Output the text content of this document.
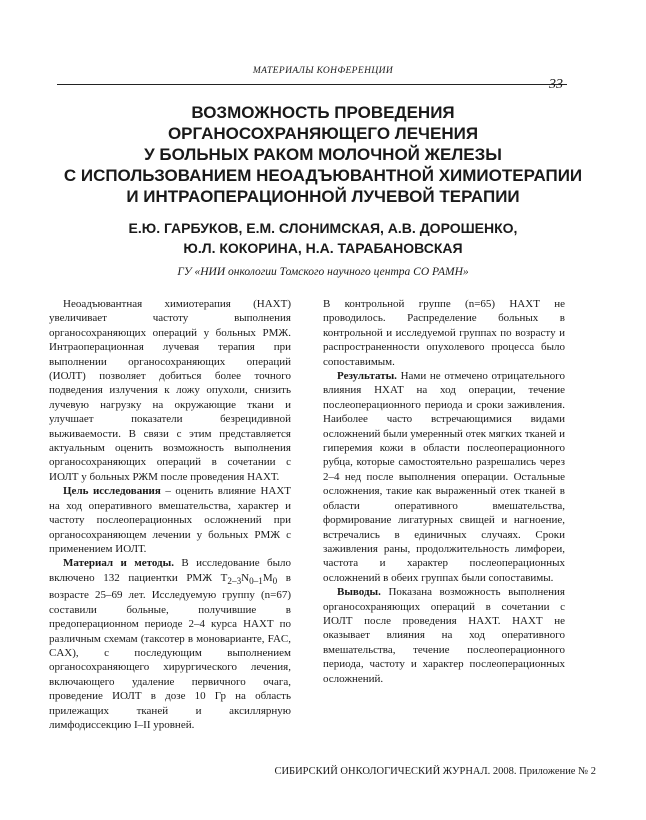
МАТЕРИАЛЫ КОНФЕРЕНЦИИ
33
ВОЗМОЖНОСТЬ ПРОВЕДЕНИЯ
ОРГАНОСОХРАНЯЮЩЕГО ЛЕЧЕНИЯ
У БОЛЬНЫХ РАКОМ МОЛОЧНОЙ ЖЕЛЕЗЫ
С ИСПОЛЬЗОВАНИЕМ НЕОАДЪЮВАНТНОЙ ХИМИОТЕРАПИИ
И ИНТРАОПЕРАЦИОННОЙ ЛУЧЕВОЙ ТЕРАПИИ
Е.Ю. ГАРБУКОВ, Е.М. СЛОНИМСКАЯ, А.В. ДОРОШЕНКО,
Ю.Л. КОКОРИНА, Н.А. ТАРАБАНОВСКАЯ
ГУ «НИИ онкологии Томского научного центра СО РАМН»

Неоадъювантная химиотерапия (НАХТ) увеличивает частоту выполнения органосохраняющих операций у больных РМЖ. Интраоперационная лучевая терапия при выполнении органосохраняющих операций (ИОЛТ) позволяет добиться более точного подведения излучения к ложу опухоли, снизить лучевую нагрузку на окружающие ткани и улучшает показатели безрецидивной выживаемости. В связи с этим представляется актуальным оценить возможность выполнения органосохраняющих операций в сочетании с ИОЛТ у больных РЖМ после проведения НАХТ.

Цель исследования – оценить влияние НАХТ на ход оперативного вмешательства, характер и частоту послеоперационных осложнений при органосохраняющем лечении у больных РМЖ с применением ИОЛТ.

Материал и методы. В исследование было включено 132 пациентки РМЖ $T_{2-3}N_{0-1}M_0$ в возрасте 25–69 лет. Исследуемую группу (n=67) составили больные, получившие в предоперационном периоде 2–4 курса НАХТ по различным схемам (таксотер в моноварианте, FAC, CAX), с последующим выполнением органосохраняющего хирургического лечения, включающего удаление первичного очага, проведение ИОЛТ в дозе 10 Гр на область прилежащих тканей и аксиллярную лимфодиссекцию I–II уровней.

В контрольной группе (n=65) НАХТ не проводилось. Распределение больных в контрольной и исследуемой группах по возрасту и распространенности опухолевого процесса было сопоставимым.

Результаты. Нами не отмечено отрицательного влияния НХАТ на ход операции, течение послеоперационного периода и сроки заживления. Наиболее часто встречающимися видами осложнений были умеренный отек мягких тканей и гиперемия кожи в области послеоперационного рубца, которые самостоятельно разрешались через 2–4 нед после выполнения операции. Остальные осложнения, такие как выраженный отек тканей в области оперативного вмешательства, формирование лигатурных свищей и нагноение, встречались в единичных случаях. Сроки заживления раны, продолжительность лимфореи, частота и характер послеоперационных осложнений в обеих группах были сопоставимы.

Выводы. Показана возможность выполнения органосохраняющих операций в сочетании с ИОЛТ после проведения НАХТ. НАХТ не оказывает влияния на ход оперативного вмешательства, течение послеоперационного периода, частоту и характер послеоперационных осложнений.

СИБИРСКИЙ ОНКОЛОГИЧЕСКИЙ ЖУРНАЛ. 2008. Приложение № 2
